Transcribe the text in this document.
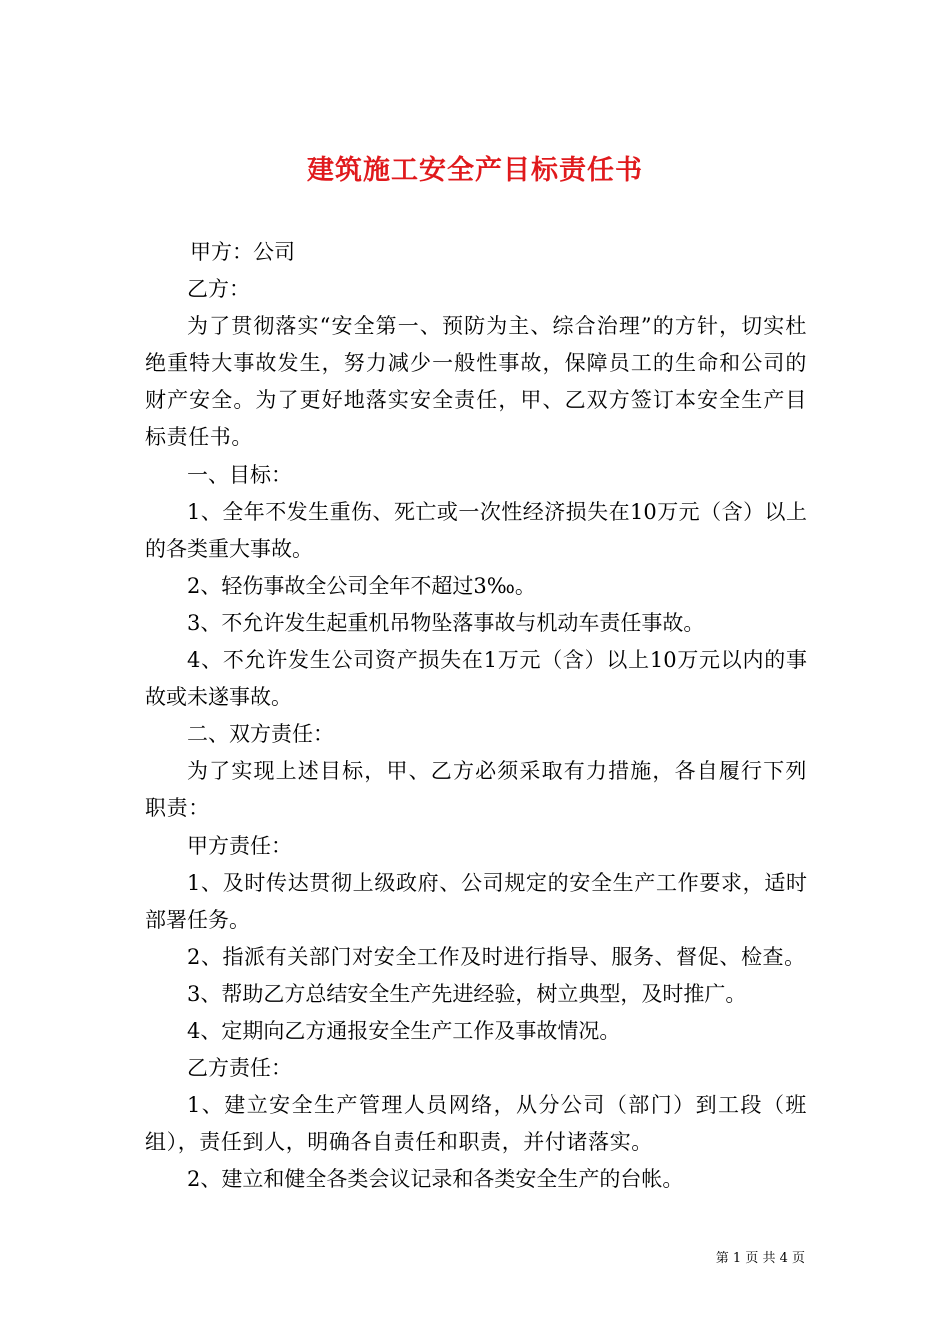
建筑施工安全产目标责任书

甲方：公司

乙方：

为了贯彻落实“安全第一、预防为主、综合治理”的方针，切实杜绝重特大事故发生，努力减少一般性事故，保障员工的生命和公司的财产安全。为了更好地落实安全责任，甲、乙双方签订本安全生产目标责任书。

一、目标：

1、全年不发生重伤、死亡或一次性经济损失在10万元（含）以上的各类重大事故。

2、轻伤事故全公司全年不超过3‰。

3、不允许发生起重机吊物坠落事故与机动车责任事故。

4、不允许发生公司资产损失在1万元（含）以上10万元以内的事故或未遂事故。

二、双方责任：

为了实现上述目标，甲、乙方必须采取有力措施，各自履行下列职责：

甲方责任：

1、及时传达贯彻上级政府、公司规定的安全生产工作要求，适时部署任务。

2、指派有关部门对安全工作及时进行指导、服务、督促、检查。

3、帮助乙方总结安全生产先进经验，树立典型，及时推广。

4、定期向乙方通报安全生产工作及事故情况。

乙方责任：

1、建立安全生产管理人员网络，从分公司（部门）到工段（班组），责任到人，明确各自责任和职责，并付诸落实。

2、建立和健全各类会议记录和各类安全生产的台帐。

第 1 页 共 4 页
